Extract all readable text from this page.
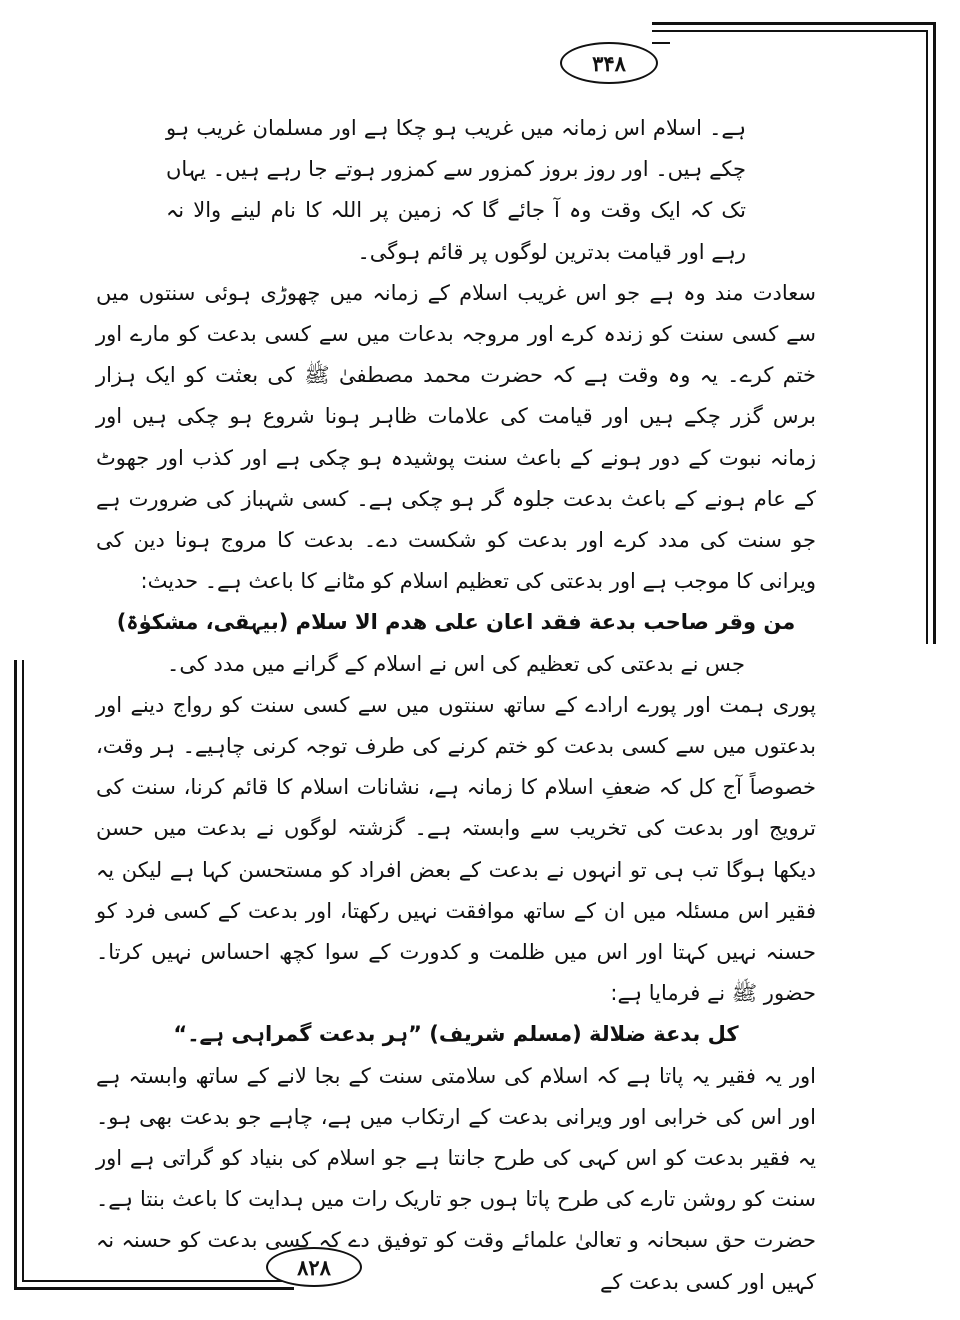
۳۴۸
۸۲۸

ہے۔ اسلام اس زمانہ میں غریب ہو چکا ہے اور مسلمان غریب ہو چکے ہیں۔ اور روز بروز کمزور سے کمزور ہوتے جا رہے ہیں۔ یہاں تک کہ ایک وقت وہ آ جائے گا کہ زمین پر اللہ کا نام لینے والا نہ رہے اور قیامت بدترین لوگوں پر قائم ہوگی۔

سعادت مند وہ ہے جو اس غریب اسلام کے زمانہ میں چھوڑی ہوئی سنتوں میں سے کسی سنت کو زندہ کرے اور مروجہ بدعات میں سے کسی بدعت کو مارے اور ختم کرے۔ یہ وہ وقت ہے کہ حضرت محمد مصطفیٰ ﷺ کی بعثت کو ایک ہزار برس گزر چکے ہیں اور قیامت کی علامات ظاہر ہونا شروع ہو چکی ہیں اور زمانہ نبوت کے دور ہونے کے باعث سنت پوشیدہ ہو چکی ہے اور کذب اور جھوٹ کے عام ہونے کے باعث بدعت جلوہ گر ہو چکی ہے۔ کسی شہباز کی ضرورت ہے جو سنت کی مدد کرے اور بدعت کو شکست دے۔ بدعت کا مروج ہونا دین کی ویرانی کا موجب ہے اور بدعتی کی تعظیم اسلام کو مٹانے کا باعث ہے۔ حدیث:

من وقر صاحب بدعة فقد اعان على هدم الا سلام (بیہقی، مشکوٰۃ)

جس نے بدعتی کی تعظیم کی اس نے اسلام کے گرانے میں مدد کی۔

پوری ہمت اور پورے ارادے کے ساتھ سنتوں میں سے کسی سنت کو رواج دینے اور بدعتوں میں سے کسی بدعت کو ختم کرنے کی طرف توجہ کرنی چاہیے۔ ہر وقت، خصوصاً آج کل کہ ضعفِ اسلام کا زمانہ ہے، نشانات اسلام کا قائم کرنا، سنت کی ترویج اور بدعت کی تخریب سے وابستہ ہے۔ گزشتہ لوگوں نے بدعت میں حسن دیکھا ہوگا تب ہی تو انہوں نے بدعت کے بعض افراد کو مستحسن کہا ہے لیکن یہ فقیر اس مسئلہ میں ان کے ساتھ موافقت نہیں رکھتا، اور بدعت کے کسی فرد کو حسنہ نہیں کہتا اور اس میں ظلمت و کدورت کے سوا کچھ احساس نہیں کرتا۔ حضور ﷺ نے فرمایا ہے:

کل بدعة ضلالة (مسلم شریف) ”ہر بدعت گمراہی ہے۔“

اور یہ فقیر یہ پاتا ہے کہ اسلام کی سلامتی سنت کے بجا لانے کے ساتھ وابستہ ہے اور اس کی خرابی اور ویرانی بدعت کے ارتکاب میں ہے، چاہے جو بدعت بھی ہو۔ یہ فقیر بدعت کو اس کہی کی طرح جانتا ہے جو اسلام کی بنیاد کو گراتی ہے اور سنت کو روشن تارے کی طرح پاتا ہوں جو تاریک رات میں ہدایت کا باعث بنتا ہے۔ حضرت حق سبحانہ و تعالیٰ علمائے وقت کو توفیق دے کہ کسی بدعت کو حسنہ نہ کہیں اور کسی بدعت کے
